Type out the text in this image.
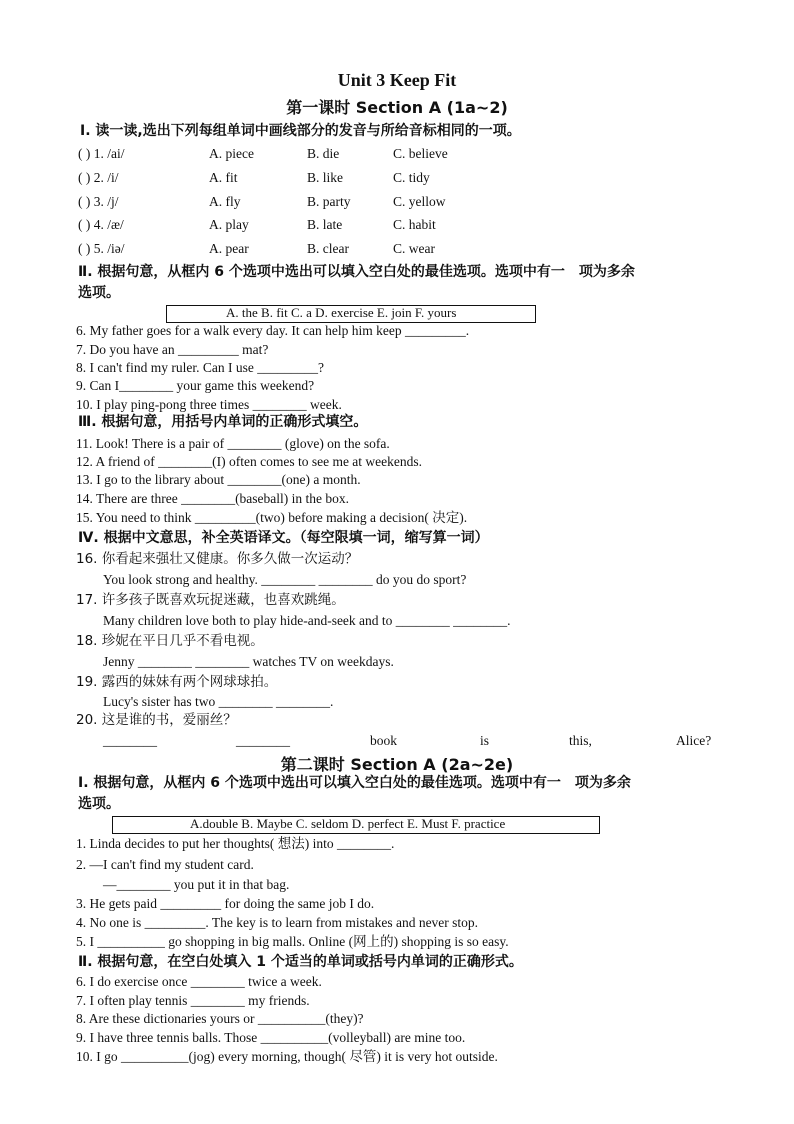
Unit 3 Keep Fit
第一课时 Section A (1a~2)
Ⅰ. 读一读,选出下列每组单词中画线部分的发音与所给音标相同的一项。
( ) 1. /ai/	A. piece	B. die	C. believe
( ) 2. /i/	A. fit	B. like	C. tidy
( ) 3. /j/	A. fly	B. party	C. yellow
( ) 4. /æ/	A. play	B. late	C. habit
( ) 5. /iə/	A. pear	B. clear	C. wear
Ⅱ. 根据句意，从框内 6 个选项中选出可以填入空白处的最佳选项。选项中有一　项为多余
选项。
A. the B. fit C. a D. exercise E. join F. yours
6. My father goes for a walk every day. It can help him keep _________.
7. Do you have an _________ mat?
8. I can't find my ruler. Can I use _________?
9. Can I________ your game this weekend?
10. I play ping-pong three times ________ week.
Ⅲ. 根据句意，用括号内单词的正确形式填空。
11. Look! There is a pair of ________ (glove) on the sofa.
12. A friend of ________(I) often comes to see me at weekends.
13. I go to the library about ________(one) a month.
14. There are three ________(baseball) in the box.
15. You need to think _________(two) before making a decision( 决定).
Ⅳ. 根据中文意思，补全英语译文。（每空限填一词，缩写算一词）
16. 你看起来强壮又健康。你多久做一次运动？
You look strong and healthy. ________ ________ do you do sport?
17. 许多孩子既喜欢玩捉迷藏，也喜欢跳绳。
Many children love both to play hide-and-seek and to ________ ________.
18. 珍妮在平日几乎不看电视。
Jenny ________ ________ watches TV on weekdays.
19. 露西的妹妹有两个网球球拍。
Lucy's sister has two ________ ________.
20. 这是谁的书，爱丽丝？
________	________	book	is	this,	Alice?
第二课时 Section A (2a~2e)
Ⅰ. 根据句意，从框内 6 个选项中选出可以填入空白处的最佳选项。选项中有一　项为多余
选项。
A.double B. Maybe C. seldom D. perfect E. Must F. practice
1. Linda decides to put her thoughts( 想法) into ________.
2. —I can't find my student card.
—________ you put it in that bag.
3. He gets paid _________ for doing the same job I do.
4. No one is _________. The key is to learn from mistakes and never stop.
5. I __________ go shopping in big malls. Online (网上的) shopping is so easy.
Ⅱ. 根据句意，在空白处填入 1 个适当的单词或括号内单词的正确形式。
6. I do exercise once ________ twice a week.
7. I often play tennis ________ my friends.
8. Are these dictionaries yours or __________(they)?
9. I have three tennis balls. Those __________(volleyball) are mine too.
10. I go __________(jog) every morning, though( 尽管) it is very hot outside.
